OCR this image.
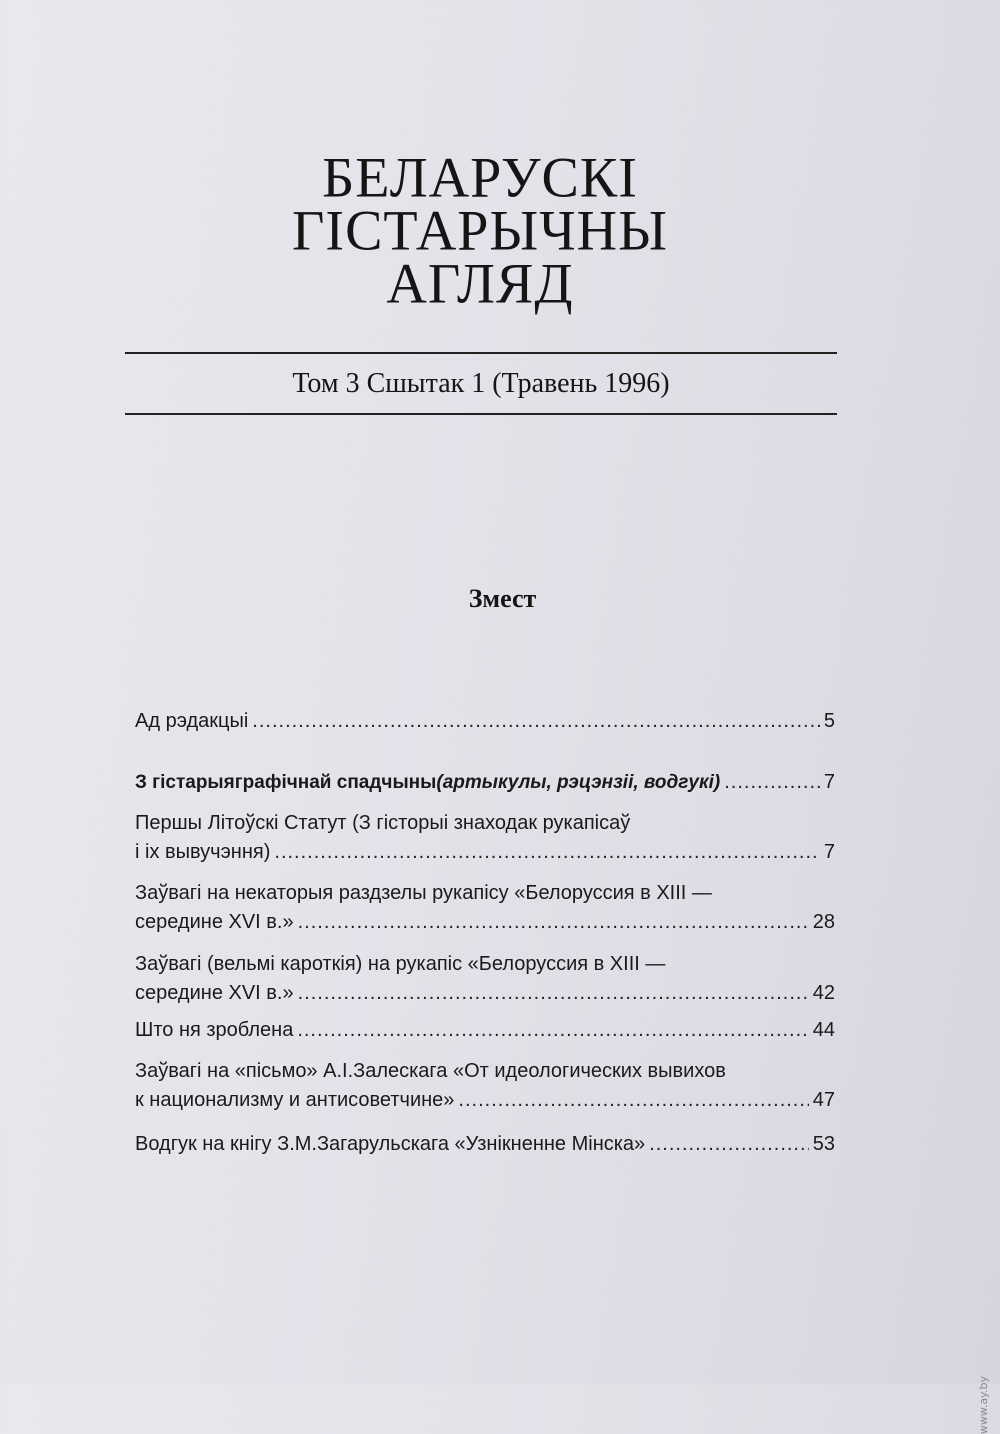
БЕЛАРУСКІ
ГІСТАРЫЧНЫ
АГЛЯД
Том 3 Сшытак 1 (Травень 1996)
Змест
Ад рэдакцыі .....	5
З гістарыяграфічнай спадчыны (артыкулы, рэцэнзіі, водгукі) .....	7
Першы Літоўскі Статут (З гісторыі знаходак рукапісаў
і іх вывучэння) .....	7
Заўвагі на некаторыя раздзелы рукапісу «Белоруссия в XIII —
середине XVI в.» .....	28
Заўвагі (вельмі кароткія) на рукапіс «Белоруссия в XIII —
середине XVI в.» .....	42
Што ня зроблена .....	44
Заўвагі на «пісьмо» А.І.Залескага «От идеологических вывихов
к национализму и антисоветчине» .....	47
Водгук на кнігу З.М.Загарульскага «Узнікненне Мінска» .....	53
www.ay.by
